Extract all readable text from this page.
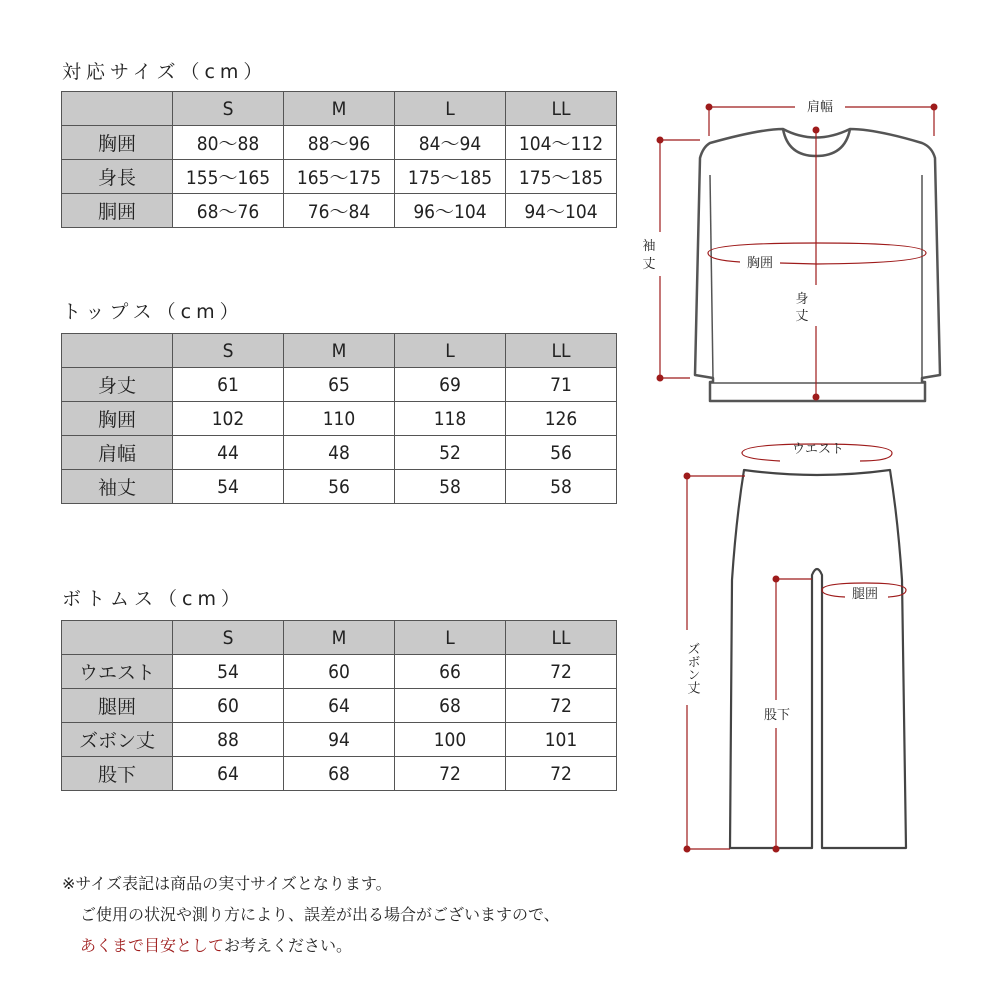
対応サイズ（cm）
	S	M	L	LL
胸囲	80〜88	88〜96	84〜94	104〜112
身長	155〜165	165〜175	175〜185	175〜185
胴囲	68〜76	76〜84	96〜104	94〜104
トップス（cm）
	S	M	L	LL
身丈	61	65	69	71
胸囲	102	110	118	126
肩幅	44	48	52	56
袖丈	54	56	58	58
ボトムス（cm）
	S	M	L	LL
ウエスト	54	60	66	72
腿囲	60	64	68	72
ズボン丈	88	94	100	101
股下	64	68	72	72
※サイズ表記は商品の実寸サイズとなります。
ご使用の状況や測り方により、誤差が出る場合がございますので、
あくまで目安としてお考えください。
肩幅
袖
丈	胸囲
身
丈
ウエスト
腿囲
ズボン丈
股下
